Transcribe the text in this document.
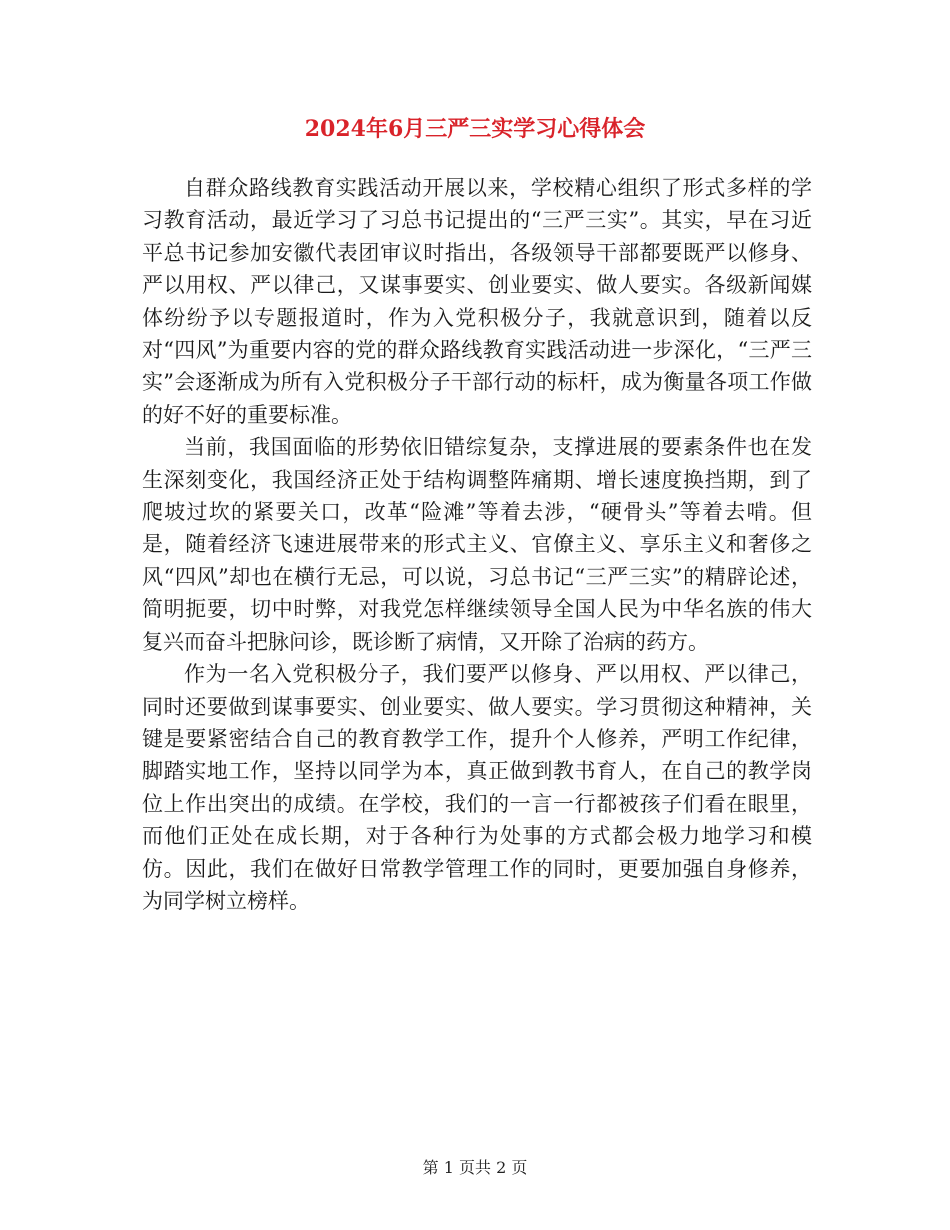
2024年6月三严三实学习心得体会

自群众路线教育实践活动开展以来，学校精心组织了形式多样的学习教育活动，最近学习了习总书记提出的“三严三实”。其实，早在习近平总书记参加安徽代表团审议时指出，各级领导干部都要既严以修身、严以用权、严以律己，又谋事要实、创业要实、做人要实。各级新闻媒体纷纷予以专题报道时，作为入党积极分子，我就意识到，随着以反对“四风”为重要内容的党的群众路线教育实践活动进一步深化，“三严三实”会逐渐成为所有入党积极分子干部行动的标杆，成为衡量各项工作做的好不好的重要标准。

当前，我国面临的形势依旧错综复杂，支撑进展的要素条件也在发生深刻变化，我国经济正处于结构调整阵痛期、增长速度换挡期，到了爬坡过坎的紧要关口，改革“险滩”等着去涉，“硬骨头”等着去啃。但是，随着经济飞速进展带来的形式主义、官僚主义、享乐主义和奢侈之风“四风”却也在横行无忌，可以说，习总书记“三严三实”的精辟论述，简明扼要，切中时弊，对我党怎样继续领导全国人民为中华名族的伟大复兴而奋斗把脉问诊，既诊断了病情，又开除了治病的药方。

作为一名入党积极分子，我们要严以修身、严以用权、严以律己，同时还要做到谋事要实、创业要实、做人要实。学习贯彻这种精神，关键是要紧密结合自己的教育教学工作，提升个人修养，严明工作纪律，脚踏实地工作，坚持以同学为本，真正做到教书育人，在自己的教学岗位上作出突出的成绩。在学校，我们的一言一行都被孩子们看在眼里，而他们正处在成长期，对于各种行为处事的方式都会极力地学习和模仿。因此，我们在做好日常教学管理工作的同时，更要加强自身修养，为同学树立榜样。

第 1 页共 2 页
